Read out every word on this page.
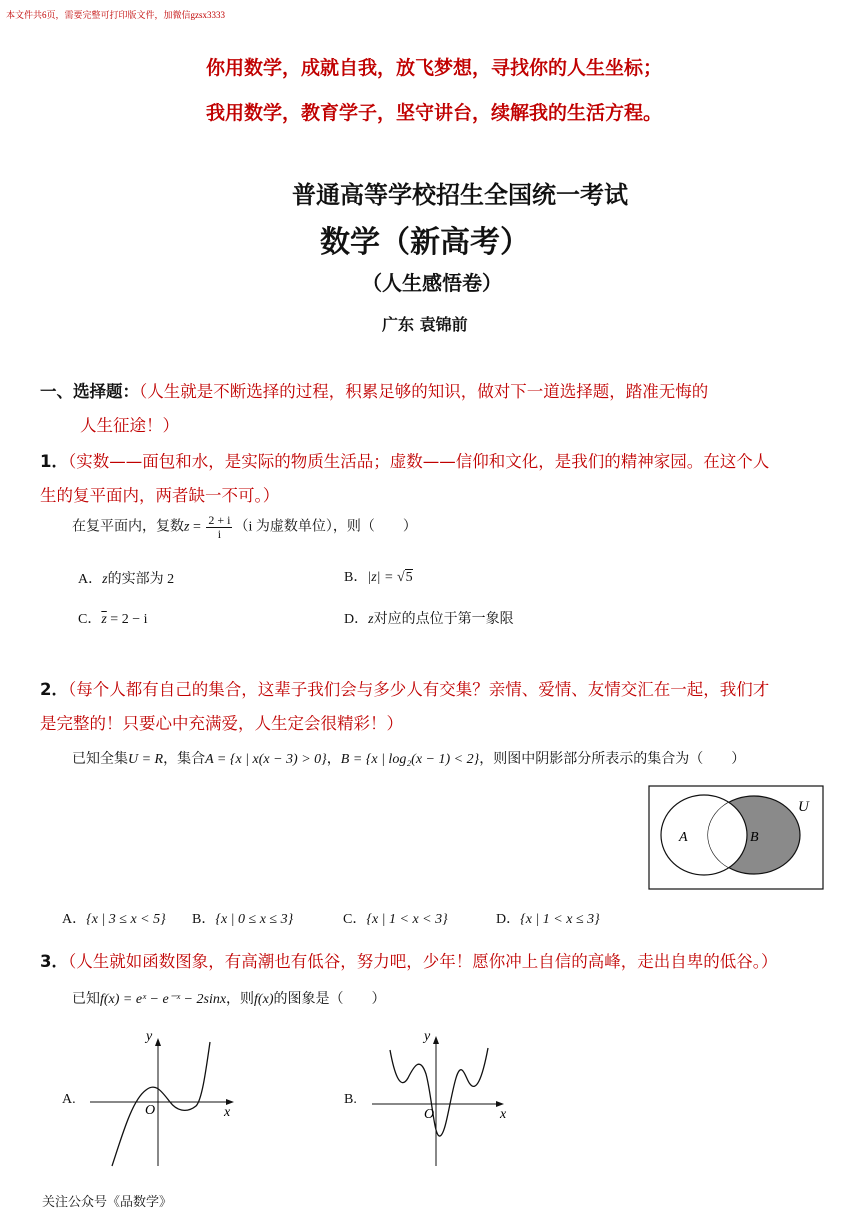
本文件共6页，需要完整可打印版文件，加微信gzsx3333
你用数学，成就自我，放飞梦想，寻找你的人生坐标；
我用数学，教育学子，坚守讲台，续解我的生活方程。
普通高等学校招生全国统一考试
数学（新高考）
（人生感悟卷）
广东 袁锦前
一、选择题：（人生就是不断选择的过程，积累足够的知识，做对下一道选择题，踏准无悔的
人生征途！）
1．（实数——面包和水，是实际的物质生活品；虚数——信仰和文化，是我们的精神家园。在这个人
生的复平面内，两者缺一不可。）
在复平面内，复数$z = \frac{2 + i}{i} (i$ 为虚数单位），则（　　）
A．z的实部为 2	B．|z| = √5
C．$\overline{z} = 2 - i$	D．z对应的点位于第一象限
2．（每个人都有自己的集合，这辈子我们会与多少人有交集？亲情、爱情、友情交汇在一起，我们才
是完整的！只要心中充满爱，人生定会很精彩！）
已知全集U = R，集合A = {x | x(x − 3) > 0}，B = {x | log₂(x − 1) < 2}，则图中阴影部分所表示的集合为（　　）
U
A	B
A．{x | 3 ≤ x < 5} B．{x | 0 ≤ x ≤ 3}	C．{x | 1 < x < 3}	D．{x | 1 < x ≤ 3}
3．（人生就如函数图象，有高潮也有低谷，努力吧，少年！愿你冲上自信的高峰，走出自卑的低谷。）
已知f(x) = eˣ − e⁻ˣ − 2sinx，则f(x)的图象是（　　）
A.
x
y
O
B.
x
y
O
关注公众号《品数学》
